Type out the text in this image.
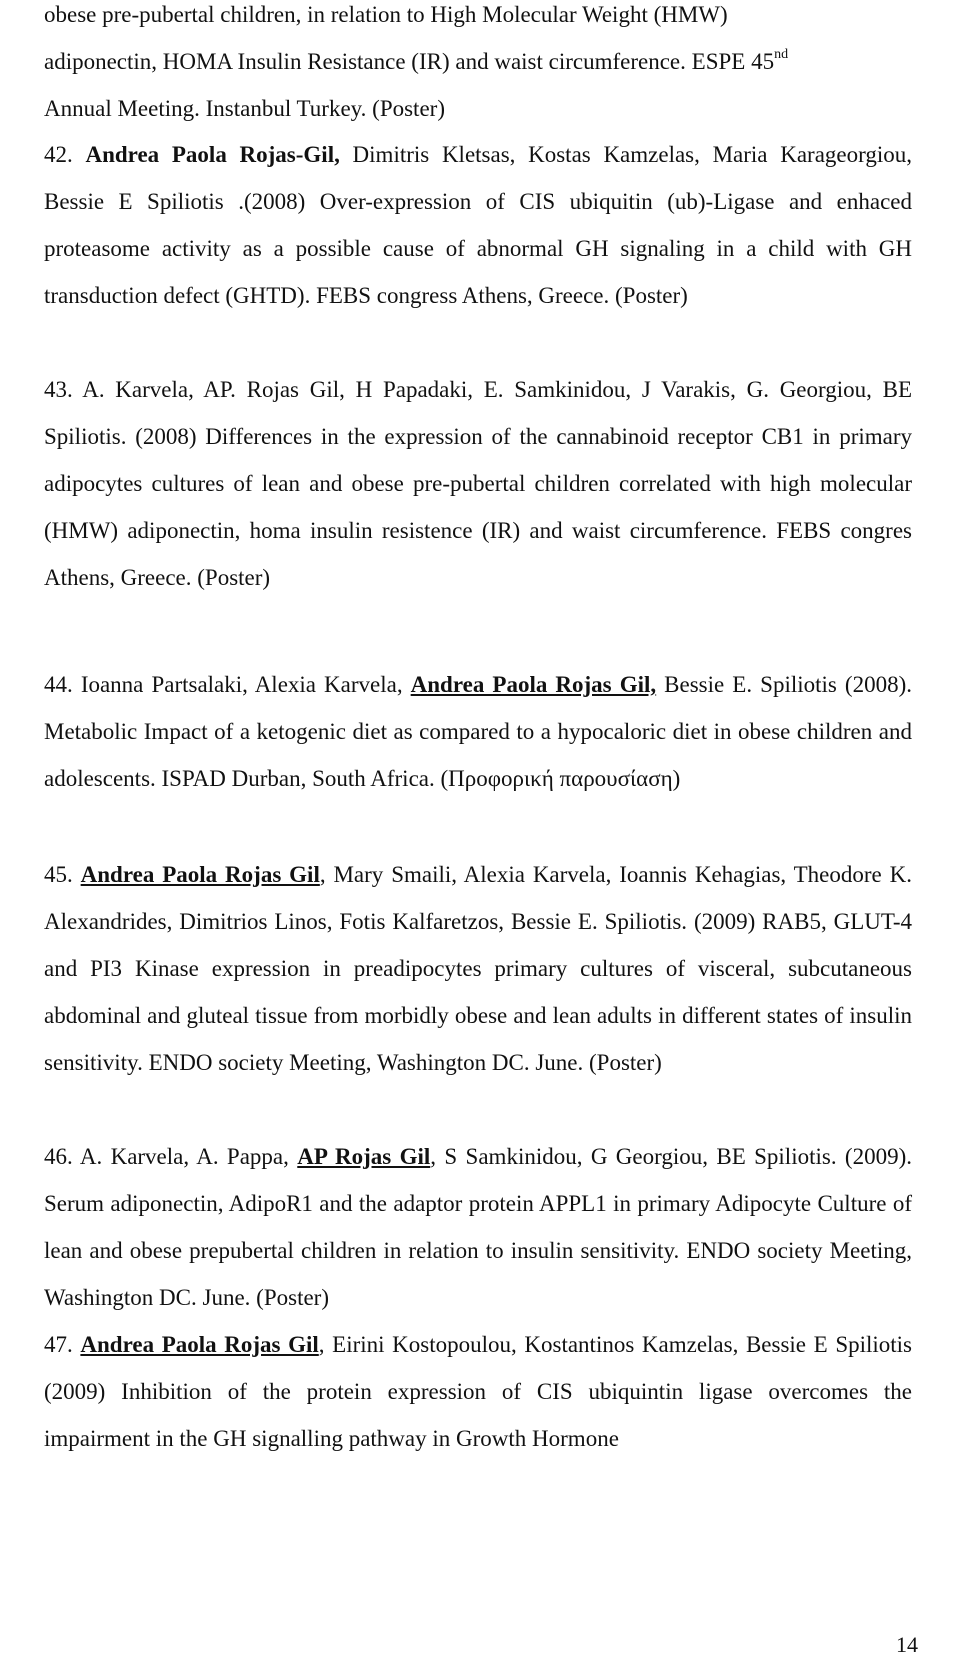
obese pre-pubertal children, in relation to High Molecular Weight (HMW)
adiponectin, HOMA Insulin Resistance (IR) and waist circumference. ESPE 45nd
Annual Meeting. Instanbul Turkey. (Poster)
42. Andrea Paola Rojas-Gil, Dimitris Kletsas, Kostas Kamzelas, Maria Karageorgiou, Bessie E Spiliotis .(2008) Over-expression of CIS ubiquitin (ub)-Ligase and enhaced proteasome activity as a possible cause of abnormal GH signaling in a child with GH transduction defect (GHTD). FEBS congress Athens, Greece. (Poster)
43. A. Karvela, AP. Rojas Gil, H Papadaki, E. Samkinidou, J Varakis, G. Georgiou, BE Spiliotis. (2008) Differences in the expression of the cannabinoid receptor CB1 in primary adipocytes cultures of lean and obese pre-pubertal children correlated with high molecular (HMW) adiponectin, homa insulin resistence (IR) and waist circumference. FEBS congres Athens, Greece. (Poster)
44. Ioanna Partsalaki, Alexia Karvela, Andrea Paola Rojas Gil, Bessie E. Spiliotis (2008). Metabolic Impact of a ketogenic diet as compared to a hypocaloric diet in obese children and adolescents. ISPAD Durban, South Africa. (Προφορική παρουσίαση)
45. Andrea Paola Rojas Gil, Mary Smaili, Alexia Karvela, Ioannis Kehagias, Theodore K. Alexandrides, Dimitrios Linos, Fotis Kalfaretzos, Bessie E. Spiliotis. (2009) RAB5, GLUT-4 and PI3 Kinase expression in preadipocytes primary cultures of visceral, subcutaneous abdominal and gluteal tissue from morbidly obese and lean adults in different states of insulin sensitivity. ENDO society Meeting, Washington DC. June. (Poster)
46. A. Karvela, A. Pappa, AP Rojas Gil, S Samkinidou, G Georgiou, BE Spiliotis. (2009). Serum adiponectin, AdipoR1 and the adaptor protein APPL1 in primary Adipocyte Culture of lean and obese prepubertal children in relation to insulin sensitivity. ENDO society Meeting, Washington DC. June. (Poster)
47. Andrea Paola Rojas Gil, Eirini Kostopoulou, Kostantinos Kamzelas, Bessie E Spiliotis (2009) Inhibition of the protein expression of CIS ubiquintin ligase overcomes the impairment in the GH signalling pathway in Growth Hormone
14
